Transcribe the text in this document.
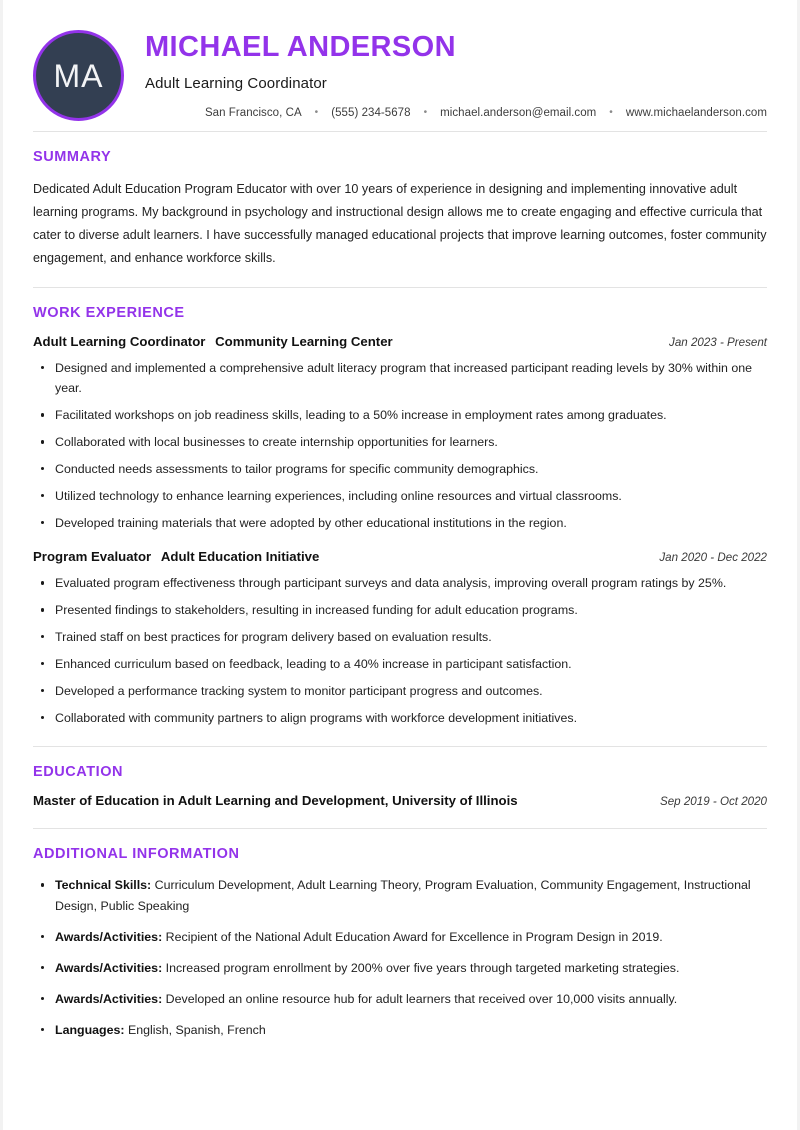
MA
MICHAEL ANDERSON
Adult Learning Coordinator
San Francisco, CA • (555) 234-5678 • michael.anderson@email.com • www.michaelanderson.com
SUMMARY
Dedicated Adult Education Program Educator with over 10 years of experience in designing and implementing innovative adult learning programs. My background in psychology and instructional design allows me to create engaging and effective curricula that cater to diverse adult learners. I have successfully managed educational projects that improve learning outcomes, foster community engagement, and enhance workforce skills.
WORK EXPERIENCE
Adult Learning Coordinator Community Learning Center	Jan 2023 - Present
Designed and implemented a comprehensive adult literacy program that increased participant reading levels by 30% within one year.
Facilitated workshops on job readiness skills, leading to a 50% increase in employment rates among graduates.
Collaborated with local businesses to create internship opportunities for learners.
Conducted needs assessments to tailor programs for specific community demographics.
Utilized technology to enhance learning experiences, including online resources and virtual classrooms.
Developed training materials that were adopted by other educational institutions in the region.
Program Evaluator Adult Education Initiative	Jan 2020 - Dec 2022
Evaluated program effectiveness through participant surveys and data analysis, improving overall program ratings by 25%.
Presented findings to stakeholders, resulting in increased funding for adult education programs.
Trained staff on best practices for program delivery based on evaluation results.
Enhanced curriculum based on feedback, leading to a 40% increase in participant satisfaction.
Developed a performance tracking system to monitor participant progress and outcomes.
Collaborated with community partners to align programs with workforce development initiatives.
EDUCATION
Master of Education in Adult Learning and Development, University of Illinois	Sep 2019 - Oct 2020
ADDITIONAL INFORMATION
Technical Skills: Curriculum Development, Adult Learning Theory, Program Evaluation, Community Engagement, Instructional Design, Public Speaking
Awards/Activities: Recipient of the National Adult Education Award for Excellence in Program Design in 2019.
Awards/Activities: Increased program enrollment by 200% over five years through targeted marketing strategies.
Awards/Activities: Developed an online resource hub for adult learners that received over 10,000 visits annually.
Languages: English, Spanish, French
